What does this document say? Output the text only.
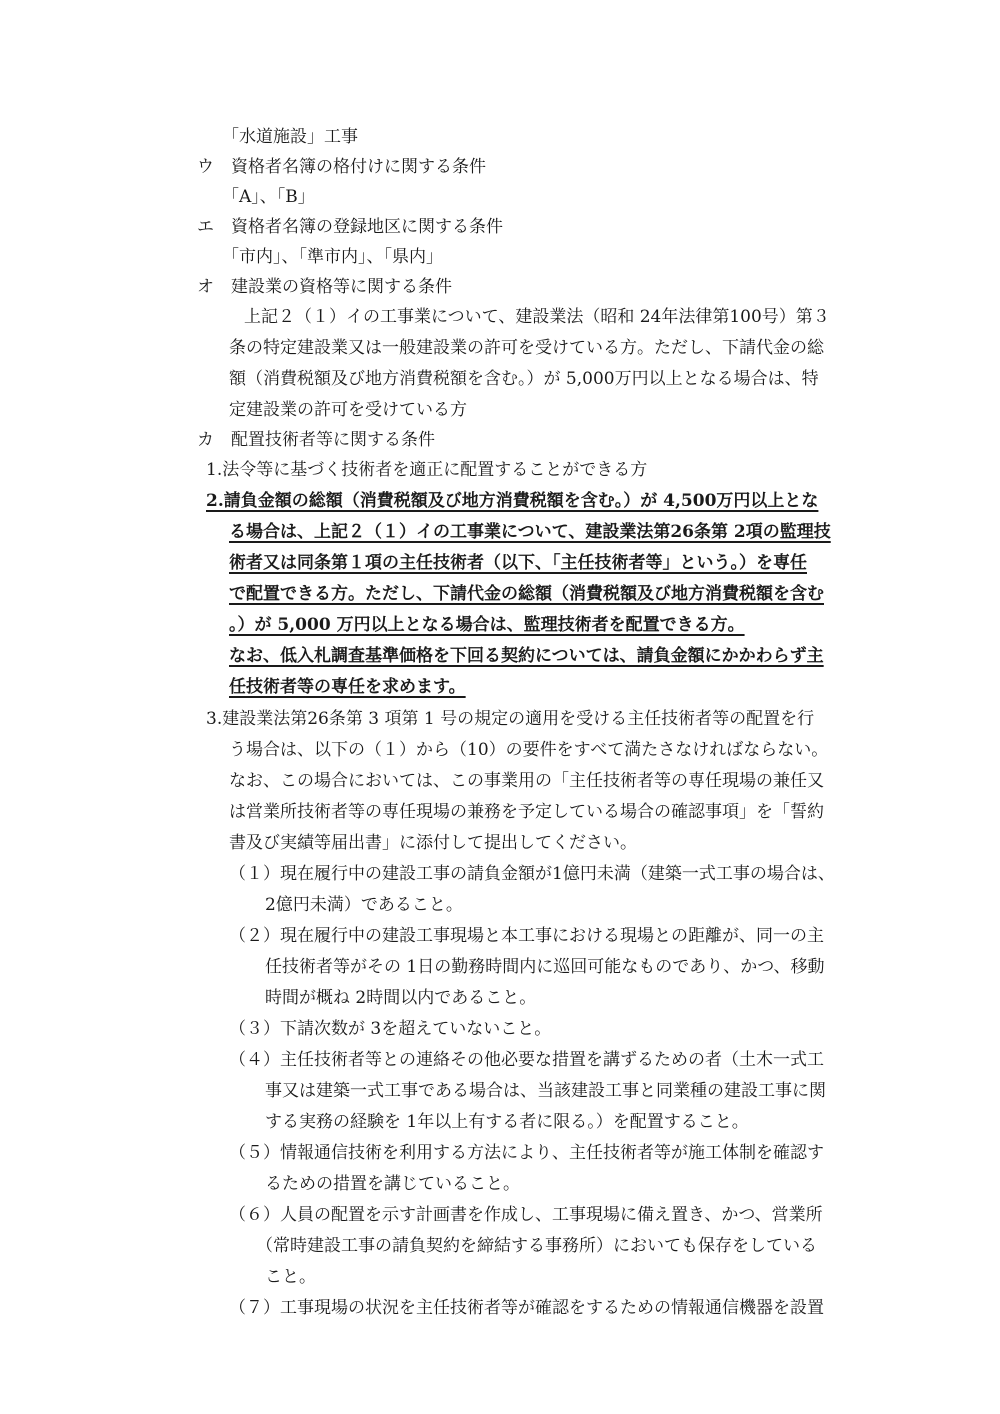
「水道施設」工事
ウ　資格者名簿の格付けに関する条件
「A」、「B」
エ　資格者名簿の登録地区に関する条件
「市内」、「準市内」、「県内」
オ　建設業の資格等に関する条件
上記２（１）イの工事業について、建設業法（昭和 24年法律第100号）第３
条の特定建設業又は一般建設業の許可を受けている方。ただし、下請代金の総
額（消費税額及び地方消費税額を含む。）が 5,000万円以上となる場合は、特
定建設業の許可を受けている方
カ　配置技術者等に関する条件
1.法令等に基づく技術者を適正に配置することができる方
2.請負金額の総額（消費税額及び地方消費税額を含む。）が 4,500万円以上とな
る場合は、上記２（１）イの工事業について、建設業法第26条第 2項の監理技
術者又は同条第１項の主任技術者（以下、「主任技術者等」という。）を専任
で配置できる方。ただし、下請代金の総額（消費税額及び地方消費税額を含む
。）が 5,000 万円以上となる場合は、監理技術者を配置できる方。
なお、低入札調査基準価格を下回る契約については、請負金額にかかわらず主
任技術者等の専任を求めます。
3.建設業法第26条第 3 項第 1 号の規定の適用を受ける主任技術者等の配置を行
う場合は、以下の（１）から（10）の要件をすべて満たさなければならない。
なお、この場合においては、この事業用の「主任技術者等の専任現場の兼任又
は営業所技術者等の専任現場の兼務を予定している場合の確認事項」を「誓約
書及び実績等届出書」に添付して提出してください。
（１）現在履行中の建設工事の請負金額が1億円未満（建築一式工事の場合は、
2億円未満）であること。
（２）現在履行中の建設工事現場と本工事における現場との距離が、同一の主
任技術者等がその 1日の勤務時間内に巡回可能なものであり、かつ、移動
時間が概ね 2時間以内であること。
（３）下請次数が 3を超えていないこと。
（４）主任技術者等との連絡その他必要な措置を講ずるための者（土木一式工
事又は建築一式工事である場合は、当該建設工事と同業種の建設工事に関
する実務の経験を 1年以上有する者に限る。）を配置すること。
（５）情報通信技術を利用する方法により、主任技術者等が施工体制を確認す
るための措置を講じていること。
（６）人員の配置を示す計画書を作成し、工事現場に備え置き、かつ、営業所
（常時建設工事の請負契約を締結する事務所）においても保存をしている
こと。
（７）工事現場の状況を主任技術者等が確認をするための情報通信機器を設置
